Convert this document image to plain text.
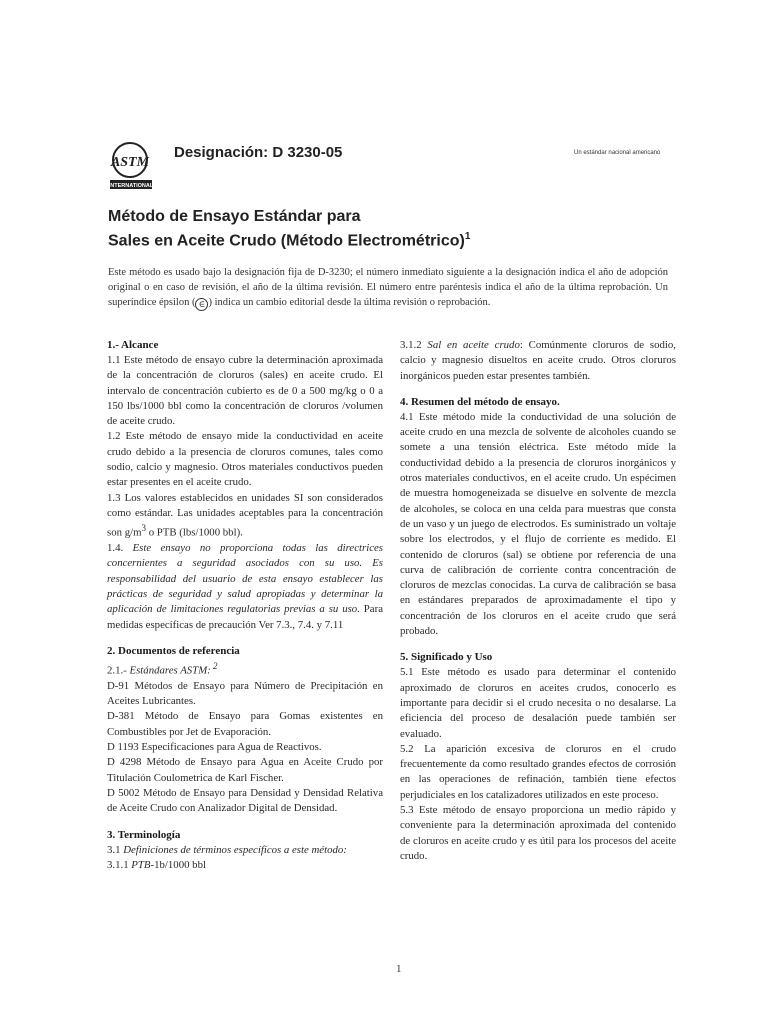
ASTM
INTERNATIONAL
Designación: D 3230-05	Un estándar nacional americano
Método de Ensayo Estándar para
Sales en Aceite Crudo (Método Electrométrico)$^1$
Este método es usado bajo la designación fija de D-3230; el número inmediato siguiente a la designación indica el año de adopción original o en caso de revisión, el año de la última revisión. El número entre paréntesis indica el año de la última reprobación. Un superíndice épsilon ( ∈ ) indica un cambio editorial desde la última revisión o reprobación.
1.- Alcance

1.1 Este método de ensayo cubre la determinación aproximada de la concentración de cloruros (sales) en aceite crudo. El intervalo de concentración cubierto es de 0 a 500 mg/kg o 0 a 150 lbs/1000 bbl como la concentración de cloruros /volumen de aceite crudo.

1.2 Este método de ensayo mide la conductividad en aceite crudo debido a la presencia de cloruros comunes, tales como sodio, calcio y magnesio. Otros materiales conductivos pueden estar presentes en el aceite crudo.

1.3 Los valores establecidos en unidades SI son considerados como estándar. Las unidades aceptables para la concentración son $g/m^3$ o PTB (lbs/1000 bbl).

1.4. Este ensayo no proporciona todas las directrices concernientes a seguridad asociados con su uso. Es responsabilidad del usuario de esta ensayo establecer las prácticas de seguridad y salud apropiadas y determinar la aplicación de limitaciones regulatorias previas a su uso. Para medidas específicas de precaución Ver 7.3., 7.4. y 7.11

2. Documentos de referencia

2.1.- Estándares ASTM: $^2$

D-91 Métodos de Ensayo para Número de Precipitación en Aceites Lubricantes.

D-381 Método de Ensayo para Gomas existentes en Combustibles por Jet de Evaporación.

D 1193 Especificaciones para Agua de Reactivos.

D 4298 Método de Ensayo para Agua en Aceite Crudo por Titulación Coulometrica de Karl Fischer.

D 5002 Método de Ensayo para Densidad y Densidad Relativa de Aceite Crudo con Analizador Digital de Densidad.

3. Terminología

3.1 Definiciones de términos específicos a este método:

3.1.1 PTB-1b/1000 bbl

3.1.2 Sal en aceite crudo: Comúnmente cloruros de sodio, calcio y magnesio disueltos en aceite crudo. Otros cloruros inorgánicos pueden estar presentes también.

4. Resumen del método de ensayo.

4.1 Este método mide la conductividad de una solución de aceite crudo en una mezcla de solvente de alcoholes cuando se somete a una tensión eléctrica. Este método mide la conductividad debido a la presencia de cloruros inorgánicos y otros materiales conductivos, en el aceite crudo. Un espécimen de muestra homogeneizada se disuelve en solvente de mezcla de alcoholes, se coloca en una celda para muestras que consta de un vaso y un juego de electrodos. Es suministrado un voltaje sobre los electrodos, y el flujo de corriente es medido. El contenido de cloruros (sal) se obtiene por referencia de una curva de calibración de corriente contra concentración de cloruros de mezclas conocidas. La curva de calibración se basa en estándares preparados de aproximadamente el tipo y concentración de los cloruros en el aceite crudo que será probado.

5. Significado y Uso

5.1 Este método es usado para determinar el contenido aproximado de cloruros en aceites crudos, conocerlo es importante para decidir si el crudo necesita o no desalarse. La eficiencia del proceso de desalación puede también ser evaluado.

5.2 La aparición excesiva de cloruros en el crudo frecuentemente da como resultado grandes efectos de corrosión en las operaciones de refinación, también tiene efectos perjudiciales en los catalizadores utilizados en este proceso.

5.3 Este método de ensayo proporciona un medio rápido y conveniente para la determinación aproximada del contenido de cloruros en aceite crudo y es útil para los procesos del aceite crudo.

1
